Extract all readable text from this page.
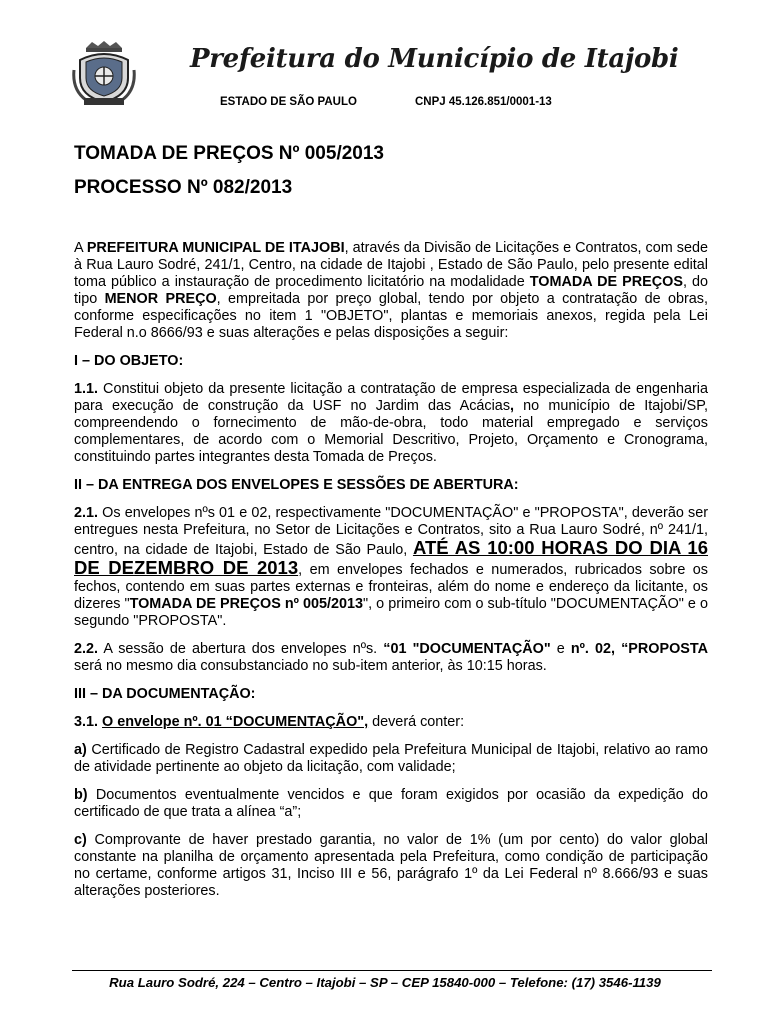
Prefeitura do Município de Itajobi
ESTADO DE SÃO PAULO	CNPJ 45.126.851/0001-13
TOMADA DE PREÇOS Nº 005/2013
PROCESSO Nº 082/2013

A PREFEITURA MUNICIPAL DE ITAJOBI, através da Divisão de Licitações e Contratos, com sede à Rua Lauro Sodré, 241/1, Centro, na cidade de Itajobi , Estado de São Paulo, pelo presente edital toma público a instauração de procedimento licitatório na modalidade TOMADA DE PREÇOS, do tipo MENOR PREÇO, empreitada por preço global, tendo por objeto a contratação de obras, conforme especificações no item 1 "OBJETO", plantas e memoriais anexos, regida pela Lei Federal n.o 8666/93 e suas alterações e pelas disposições a seguir:

I – DO OBJETO:

1.1. Constitui objeto da presente licitação a contratação de empresa especializada de engenharia para execução de construção da USF no Jardim das Acácias, no município de Itajobi/SP, compreendendo o fornecimento de mão-de-obra, todo material empregado e serviços complementares, de acordo com o Memorial Descritivo, Projeto, Orçamento e Cronograma, constituindo partes integrantes desta Tomada de Preços.

II – DA ENTREGA DOS ENVELOPES E SESSÕES DE ABERTURA:

2.1. Os envelopes nºs 01 e 02, respectivamente "DOCUMENTAÇÃO" e "PROPOSTA", deverão ser entregues nesta Prefeitura, no Setor de Licitações e Contratos, sito a Rua Lauro Sodré, nº 241/1, centro, na cidade de Itajobi, Estado de São Paulo, ATÉ AS 10:00 HORAS DO DIA 16 DE DEZEMBRO DE 2013, em envelopes fechados e numerados, rubricados sobre os fechos, contendo em suas partes externas e fronteiras, além do nome e endereço da licitante, os dizeres "TOMADA DE PREÇOS nº 005/2013", o primeiro com o sub-título "DOCUMENTAÇÃO" e o segundo "PROPOSTA".

2.2. A sessão de abertura dos envelopes nºs. “01 "DOCUMENTAÇÃO" e nº. 02, “PROPOSTA será no mesmo dia consubstanciado no sub-item anterior, às 10:15 horas.

III – DA DOCUMENTAÇÃO:

3.1. O envelope nº. 01 “DOCUMENTAÇÃO", deverá conter:

a) Certificado de Registro Cadastral expedido pela Prefeitura Municipal de Itajobi, relativo ao ramo de atividade pertinente ao objeto da licitação, com validade;

b) Documentos eventualmente vencidos e que foram exigidos por ocasião da expedição do certificado de que trata a alínea “a”;

c) Comprovante de haver prestado garantia, no valor de 1% (um por cento) do valor global constante na planilha de orçamento apresentada pela Prefeitura, como condição de participação no certame, conforme artigos 31, Inciso III e 56, parágrafo 1º da Lei Federal nº 8.666/93 e suas alterações posteriores.

Rua Lauro Sodré, 224 – Centro – Itajobi – SP – CEP 15840-000 – Telefone: (17) 3546-1139
